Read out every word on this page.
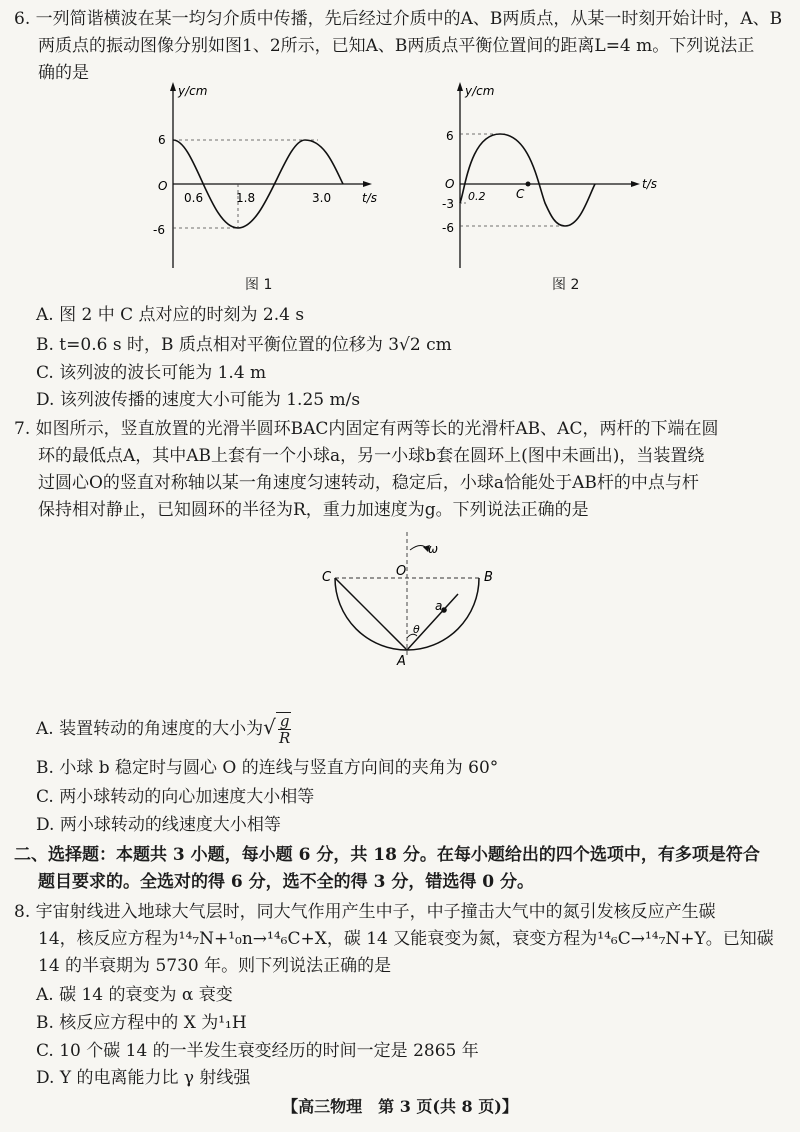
6. 一列简谐横波在某一均匀介质中传播，先后经过介质中的A、B两质点，从某一时刻开始计时，A、B
两质点的振动图像分别如图1、2所示，已知A、B两质点平衡位置间的距离L=4 m。下列说法正
确的是
y/cm
t/s
O
6
-6
0.6	1.8	3.0
图 1
y/cm
t/s
O
6
-3
-6
0.2	C
图 2
A. 图 2 中 C 点对应的时刻为 2.4 s
B. t=0.6 s 时，B 质点相对平衡位置的位移为 3√2 cm
C. 该列波的波长可能为 1.4 m
D. 该列波传播的速度大小可能为 1.25 m/s
7. 如图所示，竖直放置的光滑半圆环BAC内固定有两等长的光滑杆AB、AC，两杆的下端在圆
环的最低点A，其中AB上套有一个小球a，另一小球b套在圆环上(图中未画出)，当装置绕
过圆心O的竖直对称轴以某一角速度匀速转动，稳定后，小球a恰能处于AB杆的中点与杆
保持相对静止，已知圆环的半径为R，重力加速度为g。下列说法正确的是
ω
C	O	B
A
a
θ
A. 装置转动的角速度的大小为√ $\frac{g}{R}$
B. 小球 b 稳定时与圆心 O 的连线与竖直方向间的夹角为 60°
C. 两小球转动的向心加速度大小相等
D. 两小球转动的线速度大小相等
二、选择题：本题共 3 小题，每小题 6 分，共 18 分。在每小题给出的四个选项中，有多项是符合
题目要求的。全选对的得 6 分，选不全的得 3 分，错选得 0 分。
8. 宇宙射线进入地球大气层时，同大气作用产生中子，中子撞击大气中的氮引发核反应产生碳
14，核反应方程为¹⁴₇N+¹₀n→¹⁴₆C+X，碳 14 又能衰变为氮，衰变方程为¹⁴₆C→¹⁴₇N+Y。已知碳
14 的半衰期为 5730 年。则下列说法正确的是
A. 碳 14 的衰变为 α 衰变
B. 核反应方程中的 X 为¹₁H
C. 10 个碳 14 的一半发生衰变经历的时间一定是 2865 年
D. Y 的电离能力比 γ 射线强
【高三物理　第 3 页(共 8 页)】
